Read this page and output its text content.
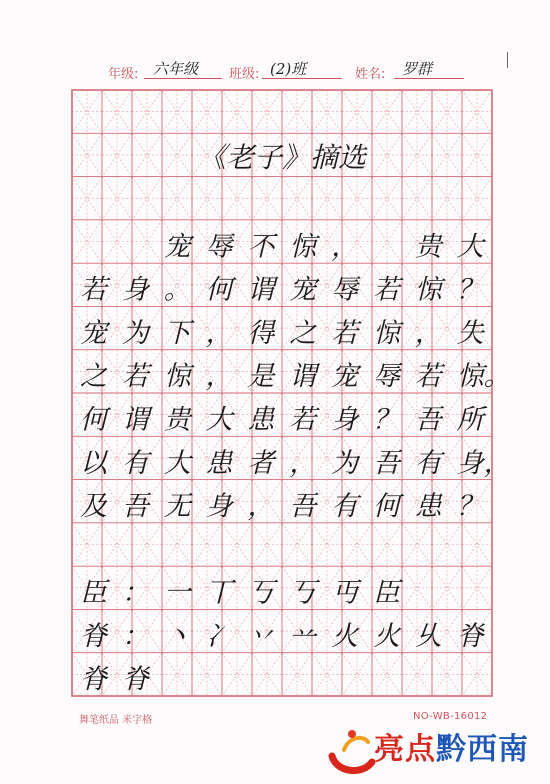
年级: 六年级 班级: (2)班	姓名: 罗群
《老子》摘选
宠 辱 不 惊 ， 贵 大
若 身 。 何 谓 宠 辱 若 惊 ？
宠 为 下 ， 得 之 若 惊 ， 失
之 若 惊 ， 是 谓 宠 辱 若 惊。
何 谓 贵 大 患 若 身 ？ 吾 所
以 有 大 患 者 ， 为 吾 有 身，
及 吾 无 身 ， 吾 有 何 患 ？
臣 ： 一 丅 丂 丂 丏 臣
脊 ： 丶 冫 丷 䒑 火 火 乆 脊
脊 脊
舞笔纸品 米字格	NO-WB-16012
亮点黔西南
